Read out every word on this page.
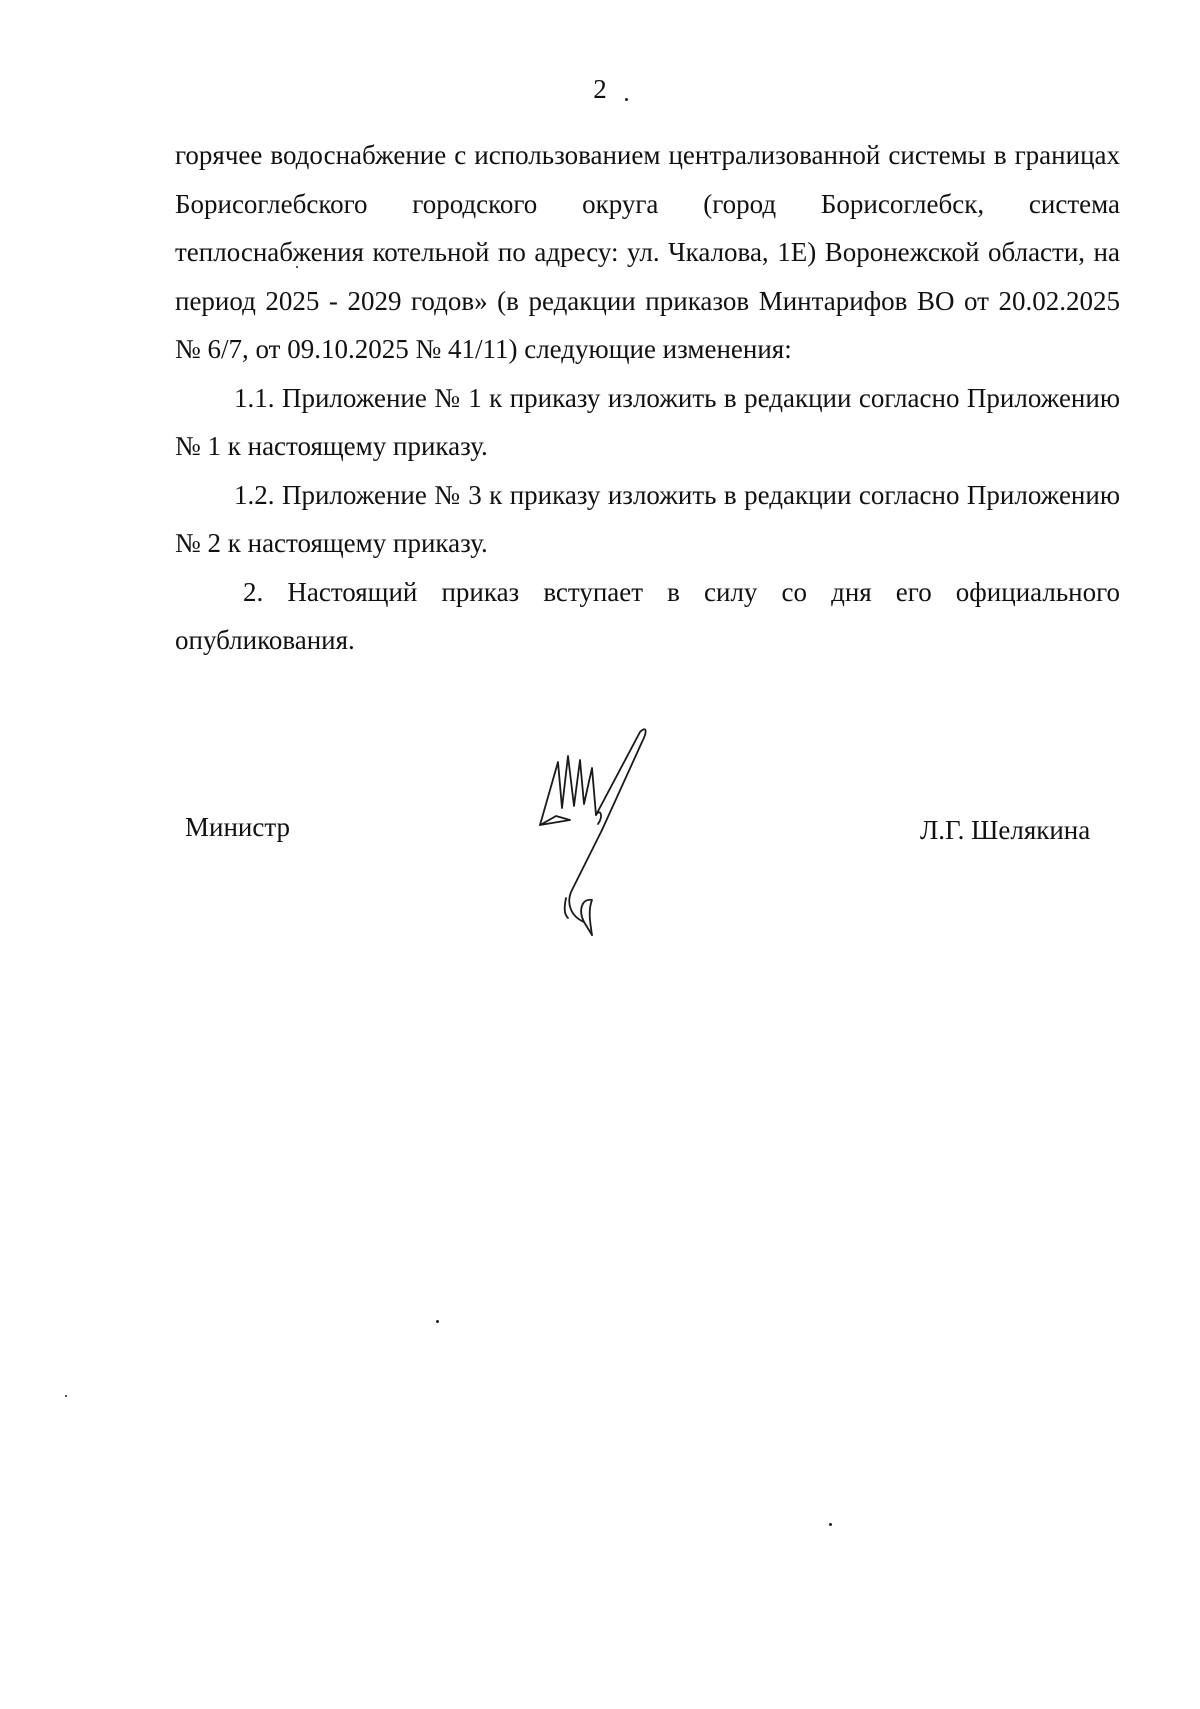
2

горячее водоснабжение с использованием централизованной системы в границах Борисоглебского городского округа (город Борисоглебск, система теплоснабжения котельной по адресу: ул. Чкалова, 1Е) Воронежской области, на период 2025 - 2029 годов» (в редакции приказов Минтарифов ВО от 20.02.2025 № 6/7, от 09.10.2025 № 41/11) следующие изменения:

1.1. Приложение № 1 к приказу изложить в редакции согласно Приложению № 1 к настоящему приказу.

1.2. Приложение № 3 к приказу изложить в редакции согласно Приложению № 2 к настоящему приказу.

2. Настоящий приказ вступает в силу со дня его официального опубликования.

Министр	Л.Г. Шелякина
